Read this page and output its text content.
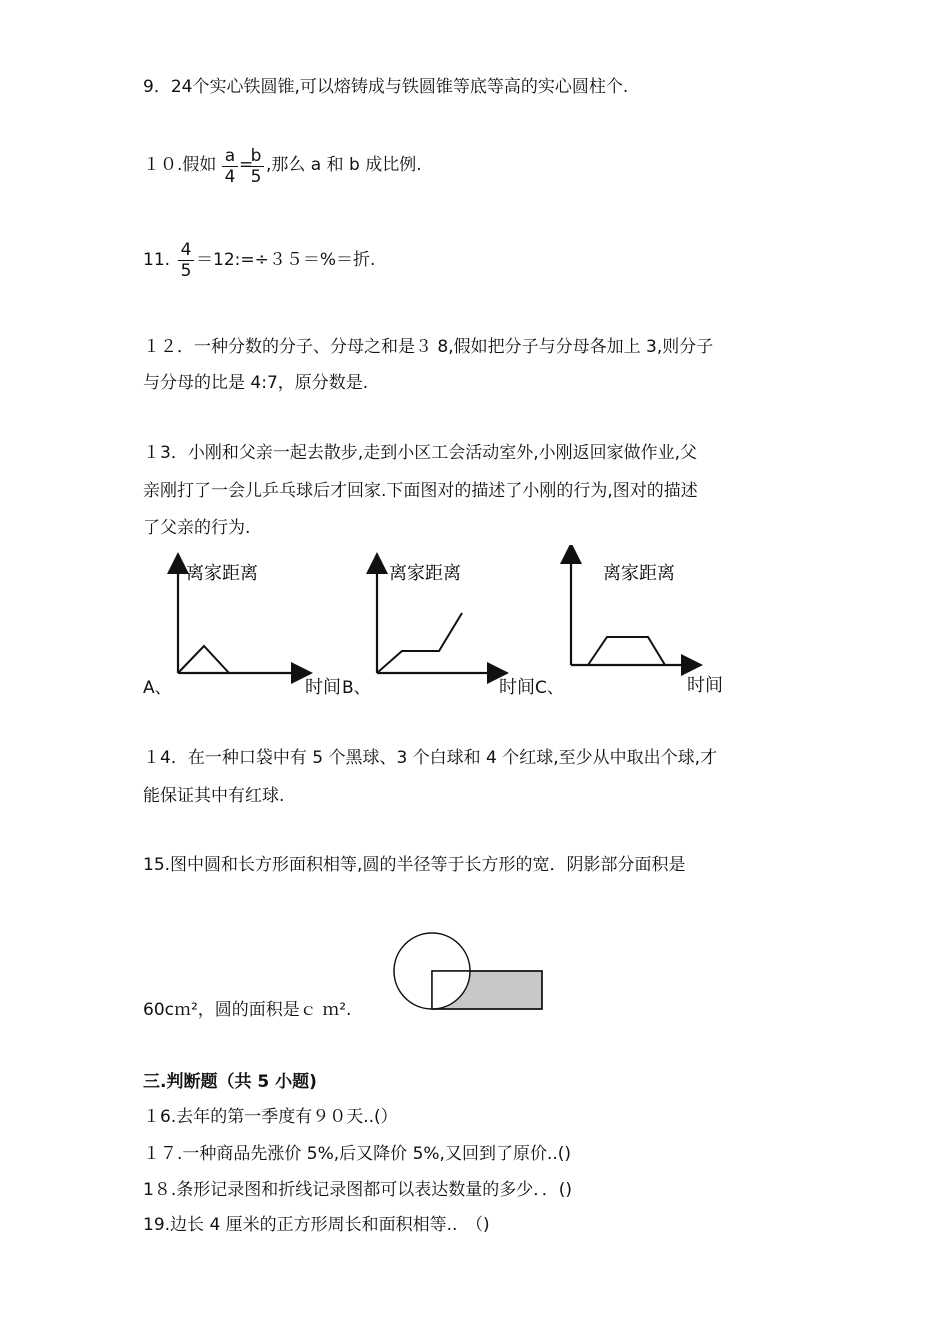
9．24个实心铁圆锥,可以熔铸成与铁圆锥等底等高的实心圆柱个.
１０.假如 $\frac{a}{4}$ =
$\frac{b}{5}$ ,那么 a 和 b 成比例.
11. $\frac{4}{5}$ ＝12:=÷３５＝%＝折.
１２．一种分数的分子、分母之和是３ 8,假如把分子与分母各加上 3,则分子
与分母的比是 4:7，原分数是.
１3．小刚和父亲一起去散步,走到小区工会活动室外,小刚返回家做作业,父
亲刚打了一会儿乒乓球后才回家.下面图对的描述了小刚的行为,图对的描述
了父亲的行为.
离家距离	离家距离	离家距离
A、	时间 B、	时间 C、	时间
１4．在一种口袋中有 5 个黑球、3 个白球和 4 个红球,至少从中取出个球,才
能保证其中有红球.
15.图中圆和长方形面积相等,圆的半径等于长方形的宽．阴影部分面积是
60cｍ²，圆的面积是ｃ ｍ².
三.判断题（共 5 小题)
１6.去年的第一季度有９０天..(）
１７.一种商品先涨价 5%,后又降价 5%,又回到了原价..()
1８.条形记录图和折线记录图都可以表达数量的多少．．()
19.边长 4 厘米的正方形周长和面积相等..　（)
